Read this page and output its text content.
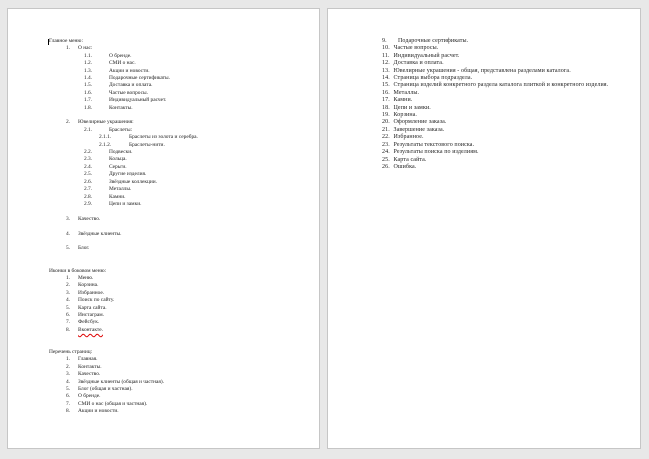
Главное меню:
1.	О нас:
1.1.	О бренде.
1.2.	СМИ о нас.
1.3.	Акции и новости.
1.4.	Подарочные сертификаты.
1.5.	Доставка и оплата.
1.6.	Частые вопросы.
1.7.	Индивидуальный расчет.
1.8.	Контакты.
2.	Ювелирные украшения:
2.1.	Браслеты:
2.1.1.	Браслеты из золота и серебра.
2.1.2.	Браслеты-нити.
2.2.	Подвески.
2.3.	Кольца.
2.4.	Серьги.
2.5.	Другие изделия.
2.6.	Звёздные коллекции.
2.7.	Металлы.
2.8.	Камни.
2.9.	Цепи и замки.
3.	Качество.
4.	Звёздные клиенты.
5.	Блог.
Иконки в боковом меню:
1.	Меню.
2.	Корзина.
3.	Избранное.
4.	Поиск по сайту.
5.	Карта сайта.
6.	Инстаграм.
7.	Фейсбук.
8.	Вконтакте.
Перечень страниц:
1.	Главная.
2.	Контакты.
3.	Качество.
4.	Звёздные клиенты (общая и частная).
5.	Блог (общая и частная).
6.	О бренде.
7.	СМИ о нас (общая и частная).
8.	Акции и новости.
9.	Подарочные сертификаты.
10. Частые вопросы.
11. Индивидуальный расчет.
12. Доставка и оплата.
13. Ювелирные украшения - общая, представлена разделами каталога.
14. Страница выбора подраздела.
15. Страница изделий конкретного раздела каталога плиткой и конкретного изделия.
16. Металлы.
17. Камни.
18. Цепи и замки.
19. Корзина.
20. Оформление заказа.
21. Завершение заказа.
22. Избранное.
23. Результаты текстового поиска.
24. Результаты поиска по изделиям.
25. Карта сайта.
26. Ошибка.
